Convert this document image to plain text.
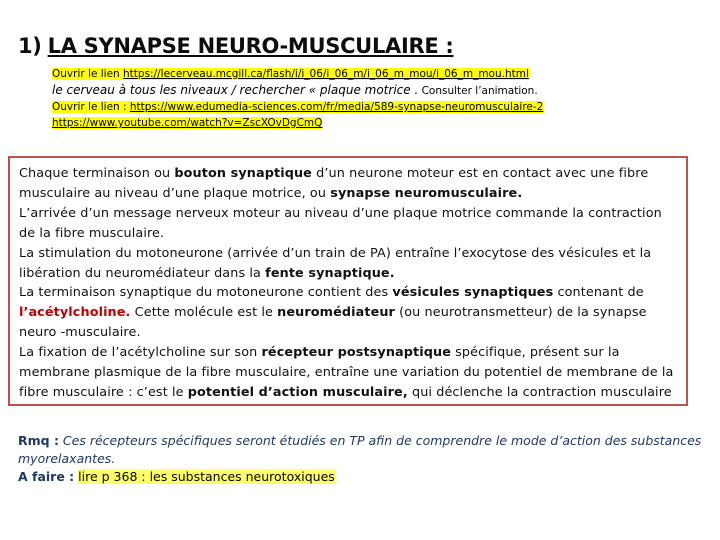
1) LA SYNAPSE NEURO-MUSCULAIRE :
Ouvrir le lien https://lecerveau.mcgill.ca/flash/i/i_06/i_06_m/i_06_m_mou/i_06_m_mou.html
le cerveau à tous les niveaux / rechercher « plaque motrice . Consulter l’animation.
Ouvrir le lien : https://www.edumedia-sciences.com/fr/media/589-synapse-neuromusculaire-2
https://www.youtube.com/watch?v=ZscXOvDgCmQ

Chaque terminaison ou bouton synaptique d’un neurone moteur est en contact avec une fibre musculaire au niveau d’une plaque motrice, ou synapse neuromusculaire.

L’arrivée d’un message nerveux moteur au niveau d’une plaque motrice commande la contraction de la fibre musculaire.

La stimulation du motoneurone (arrivée d’un train de PA) entraîne l’exocytose des vésicules et la libération du neuromédiateur dans la fente synaptique.

La terminaison synaptique du motoneurone contient des vésicules synaptiques contenant de l’acétylcholine. Cette molécule est le neuromédiateur (ou neurotransmetteur) de la synapse neuro -musculaire.

La fixation de l’acétylcholine sur son récepteur postsynaptique spécifique, présent sur la membrane plasmique de la fibre musculaire, entraîne une variation du potentiel de membrane de la fibre musculaire : c’est le potentiel d’action musculaire, qui déclenche la contraction musculaire

Rmq : Ces récepteurs spécifiques seront étudiés en TP afin de comprendre le mode d’action des substances myorelaxantes.
A faire : lire p 368 : les substances neurotoxiques
